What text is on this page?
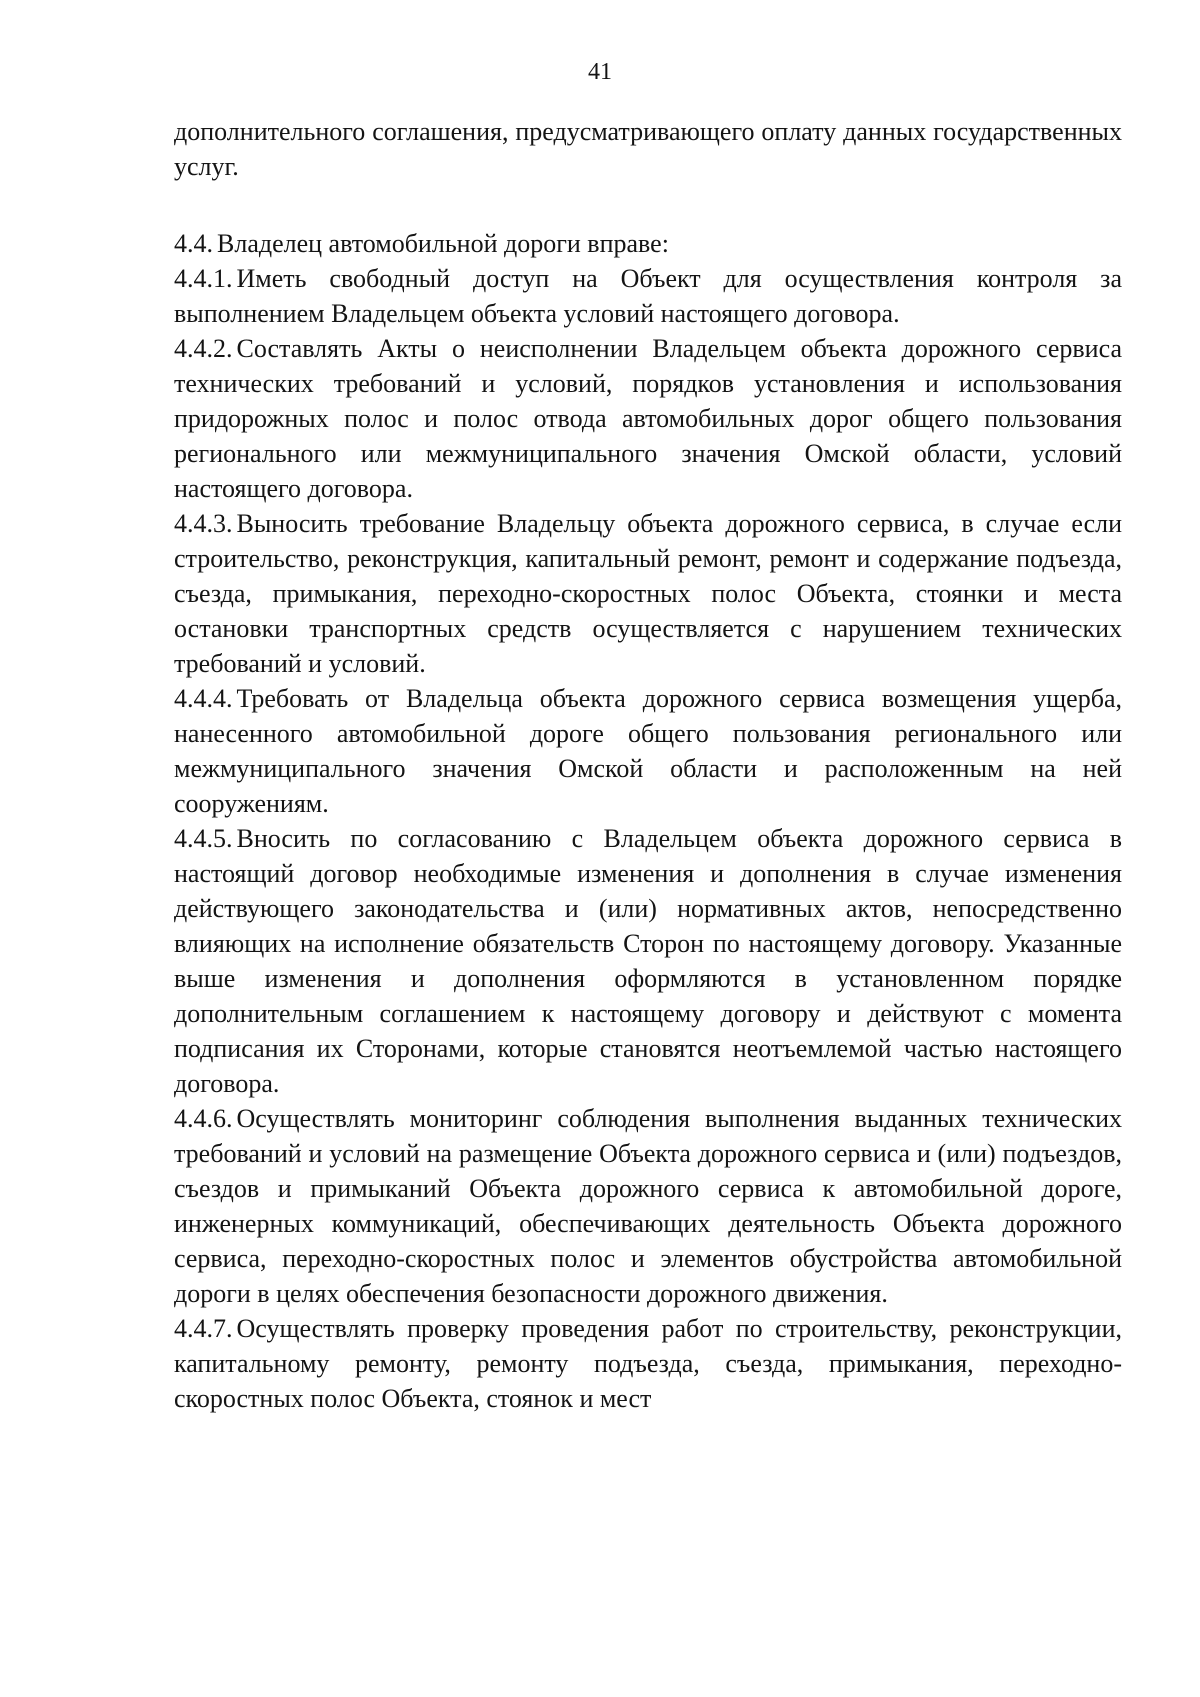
41

дополнительного соглашения, предусматривающего оплату данных государственных услуг.

4.4. Владелец автомобильной дороги вправе:

4.4.1. Иметь свободный доступ на Объект для осуществления контроля за выполнением Владельцем объекта условий настоящего договора.

4.4.2. Составлять Акты о неисполнении Владельцем объекта дорожного сервиса технических требований и условий, порядков установления и использования придорожных полос и полос отвода автомобильных дорог общего пользования регионального или межмуниципального значения Омской области, условий настоящего договора.

4.4.3. Выносить требование Владельцу объекта дорожного сервиса, в случае если строительство, реконструкция, капитальный ремонт, ремонт и содержание подъезда, съезда, примыкания, переходно-скоростных полос Объекта, стоянки и места остановки транспортных средств осуществляется с нарушением технических требований и условий.

4.4.4. Требовать от Владельца объекта дорожного сервиса возмещения ущерба, нанесенного автомобильной дороге общего пользования регионального или межмуниципального значения Омской области и расположенным на ней сооружениям.

4.4.5. Вносить по согласованию с Владельцем объекта дорожного сервиса в настоящий договор необходимые изменения и дополнения в случае изменения действующего законодательства и (или) нормативных актов, непосредственно влияющих на исполнение обязательств Сторон по настоящему договору. Указанные выше изменения и дополнения оформляются в установленном порядке дополнительным соглашением к настоящему договору и действуют с момента подписания их Сторонами, которые становятся неотъемлемой частью настоящего договора.

4.4.6. Осуществлять мониторинг соблюдения выполнения выданных технических требований и условий на размещение Объекта дорожного сервиса и (или) подъездов, съездов и примыканий Объекта дорожного сервиса к автомобильной дороге, инженерных коммуникаций, обеспечивающих деятельность Объекта дорожного сервиса, переходно-скоростных полос и элементов обустройства автомобильной дороги в целях обеспечения безопасности дорожного движения.

4.4.7. Осуществлять проверку проведения работ по строительству, реконструкции, капитальному ремонту, ремонту подъезда, съезда, примыкания, переходно-скоростных полос Объекта, стоянок и мест
